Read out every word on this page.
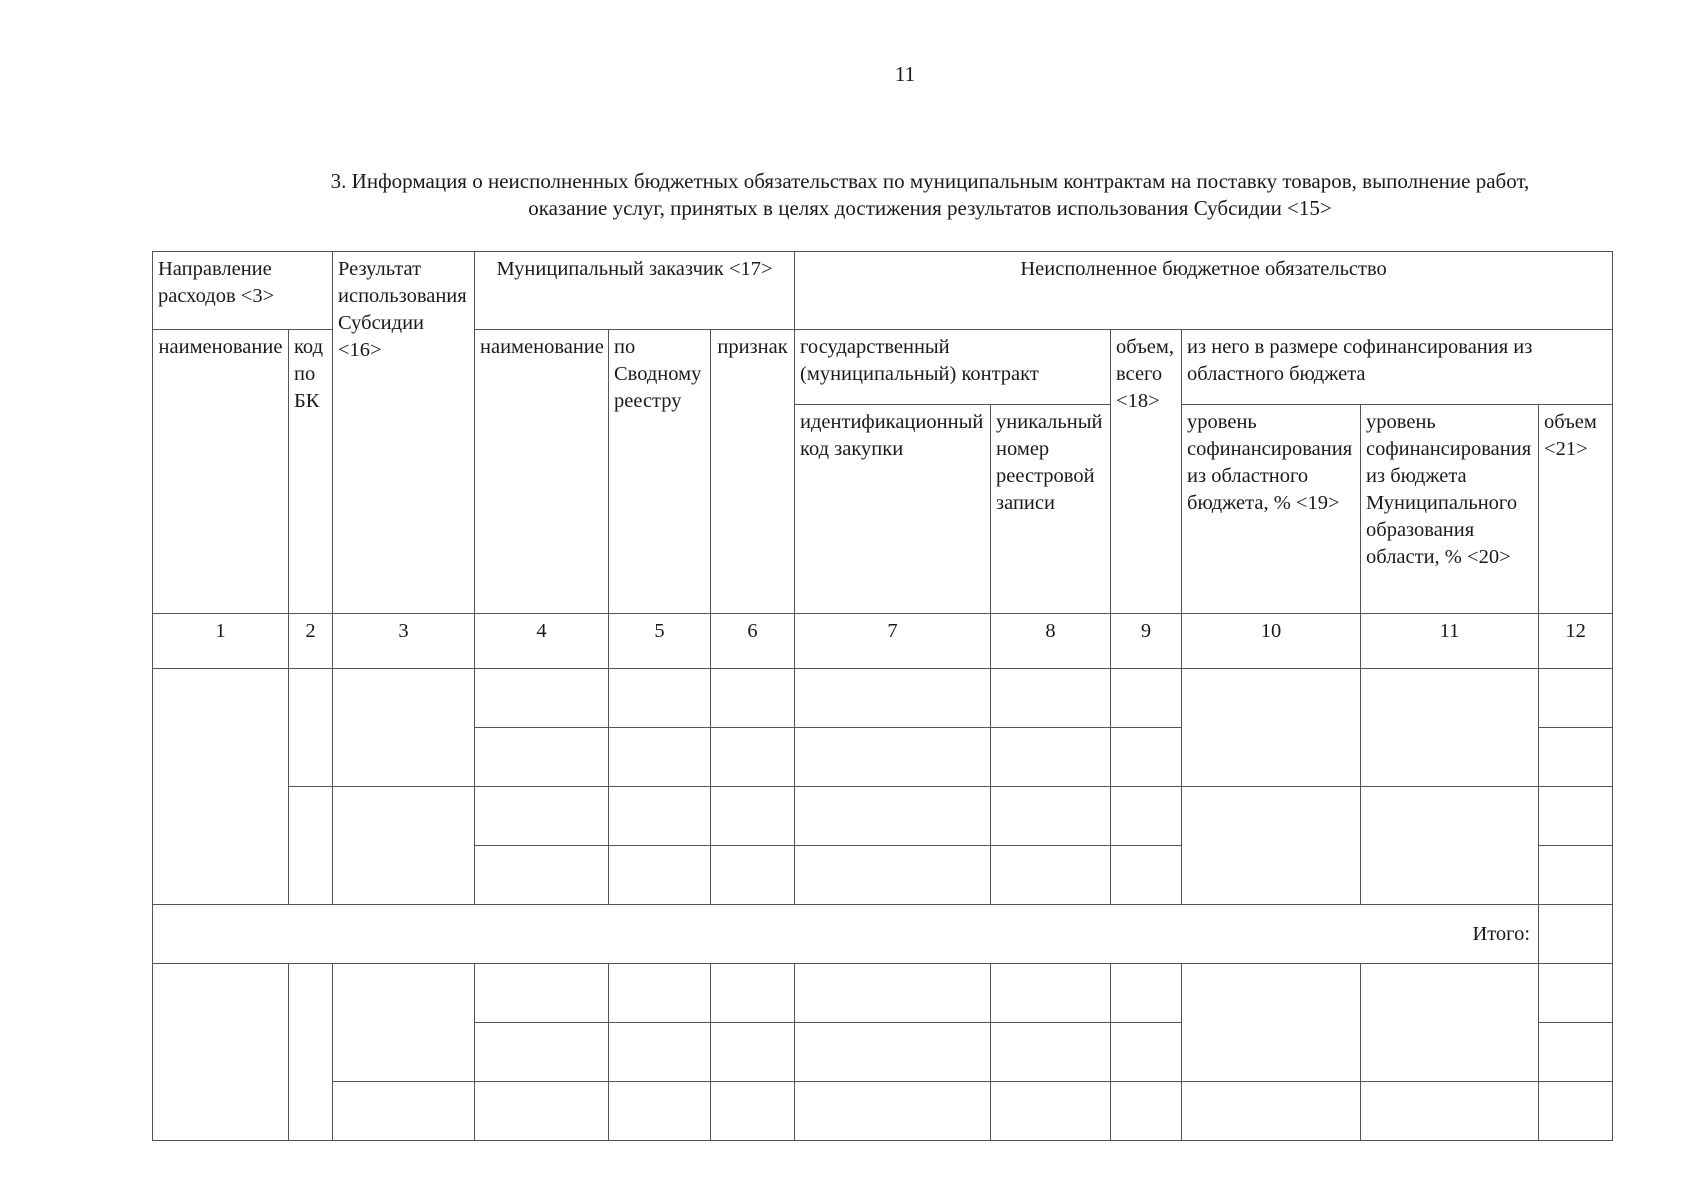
11
3. Информация о неисполненных бюджетных обязательствах по муниципальным контрактам на поставку товаров, выполнение работ,
оказание услуг, принятых в целях достижения результатов использования Субсидии <15>
Направление расходов <3>		Результат использования Субсидии <16>	Муниципальный заказчик <17>			Неисполненное бюджетное обязательство					
наименование	код по БК		наименование	по Сводному реестру	признак	государственный (муниципальный) контракт		объем, всего <18>	из него в размере софинансирования из областного бюджета		
						идентификационный код закупки	уникальный номер реестровой записи		уровень софинансирования из областного бюджета, % <19>	уровень софинансирования из бюджета Муниципального образования области, % <20>	объем <21>
1	2	3	4	5	6	7	8	9	10	11	12

Итого:											
